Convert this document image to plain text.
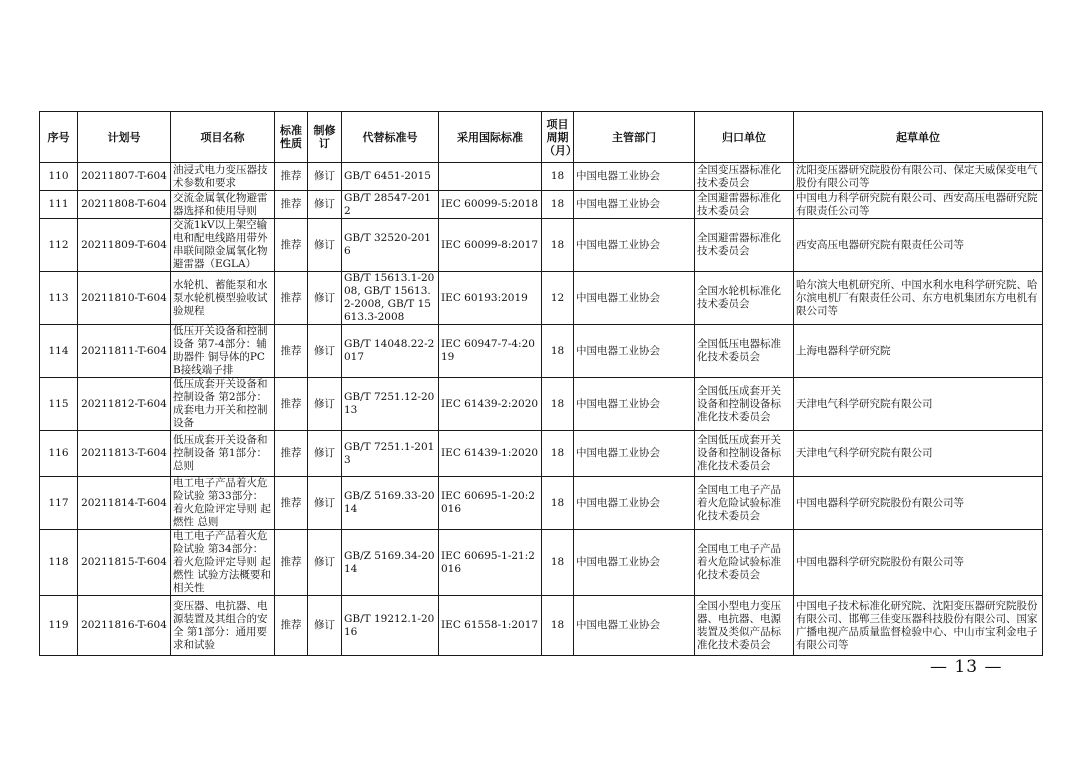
序号	计划号	项目名称	标准性质	制修订	代替标准号	采用国际标准	项目周期（月）	主管部门	归口单位	起草单位
110	20211807-T-604	油浸式电力变压器技术参数和要求	推荐	修订	GB/T 6451-2015		18	中国电器工业协会	全国变压器标准化技术委员会	沈阳变压器研究院股份有限公司、保定天威保变电气股份有限公司等
111	20211808-T-604	交流金属氧化物避雷器选择和使用导则	推荐	修订	GB/T 28547-2012	IEC 60099-5:2018	18	中国电器工业协会	全国避雷器标准化技术委员会	中国电力科学研究院有限公司、西安高压电器研究院有限责任公司等
112	20211809-T-604	交流1kV以上架空输电和配电线路用带外串联间隙金属氧化物避雷器（EGLA）	推荐	修订	GB/T 32520-2016	IEC 60099-8:2017	18	中国电器工业协会	全国避雷器标准化技术委员会	西安高压电器研究院有限责任公司等
113	20211810-T-604	水轮机、蓄能泵和水泵水轮机模型验收试验规程	推荐	修订	GB/T 15613.1-2008, GB/T 15613.2-2008, GB/T 15613.3-2008	IEC 60193:2019	12	中国电器工业协会	全国水轮机标准化技术委员会	哈尔滨大电机研究所、中国水利水电科学研究院、哈尔滨电机厂有限责任公司、东方电机集团东方电机有限公司等
114	20211811-T-604	低压开关设备和控制设备 第7-4部分：辅助器件 铜导体的PCB接线端子排	推荐	修订	GB/T 14048.22-2017	IEC 60947-7-4:2019	18	中国电器工业协会	全国低压电器标准化技术委员会	上海电器科学研究院
115	20211812-T-604	低压成套开关设备和控制设备 第2部分：成套电力开关和控制设备	推荐	修订	GB/T 7251.12-2013	IEC 61439-2:2020	18	中国电器工业协会	全国低压成套开关设备和控制设备标准化技术委员会	天津电气科学研究院有限公司
116	20211813-T-604	低压成套开关设备和控制设备 第1部分：总则	推荐	修订	GB/T 7251.1-2013	IEC 61439-1:2020	18	中国电器工业协会	全国低压成套开关设备和控制设备标准化技术委员会	天津电气科学研究院有限公司
117	20211814-T-604	电工电子产品着火危险试验 第33部分：着火危险评定导则 起燃性 总则	推荐	修订	GB/Z 5169.33-2014	IEC 60695-1-20:2016	18	中国电器工业协会	全国电工电子产品着火危险试验标准化技术委员会	中国电器科学研究院股份有限公司等
118	20211815-T-604	电工电子产品着火危险试验 第34部分：着火危险评定导则 起燃性 试验方法概要和相关性	推荐	修订	GB/Z 5169.34-2014	IEC 60695-1-21:2016	18	中国电器工业协会	全国电工电子产品着火危险试验标准化技术委员会	中国电器科学研究院股份有限公司等
119	20211816-T-604	变压器、电抗器、电源装置及其组合的安全 第1部分：通用要求和试验	推荐	修订	GB/T 19212.1-2016	IEC 61558-1:2017	18	中国电器工业协会	全国小型电力变压器、电抗器、电源装置及类似产品标准化技术委员会	中国电子技术标准化研究院、沈阳变压器研究院股份有限公司、邯郸三佳变压器科技股份有限公司、国家广播电视产品质量监督检验中心、中山市宝利金电子有限公司等
— 13 —
